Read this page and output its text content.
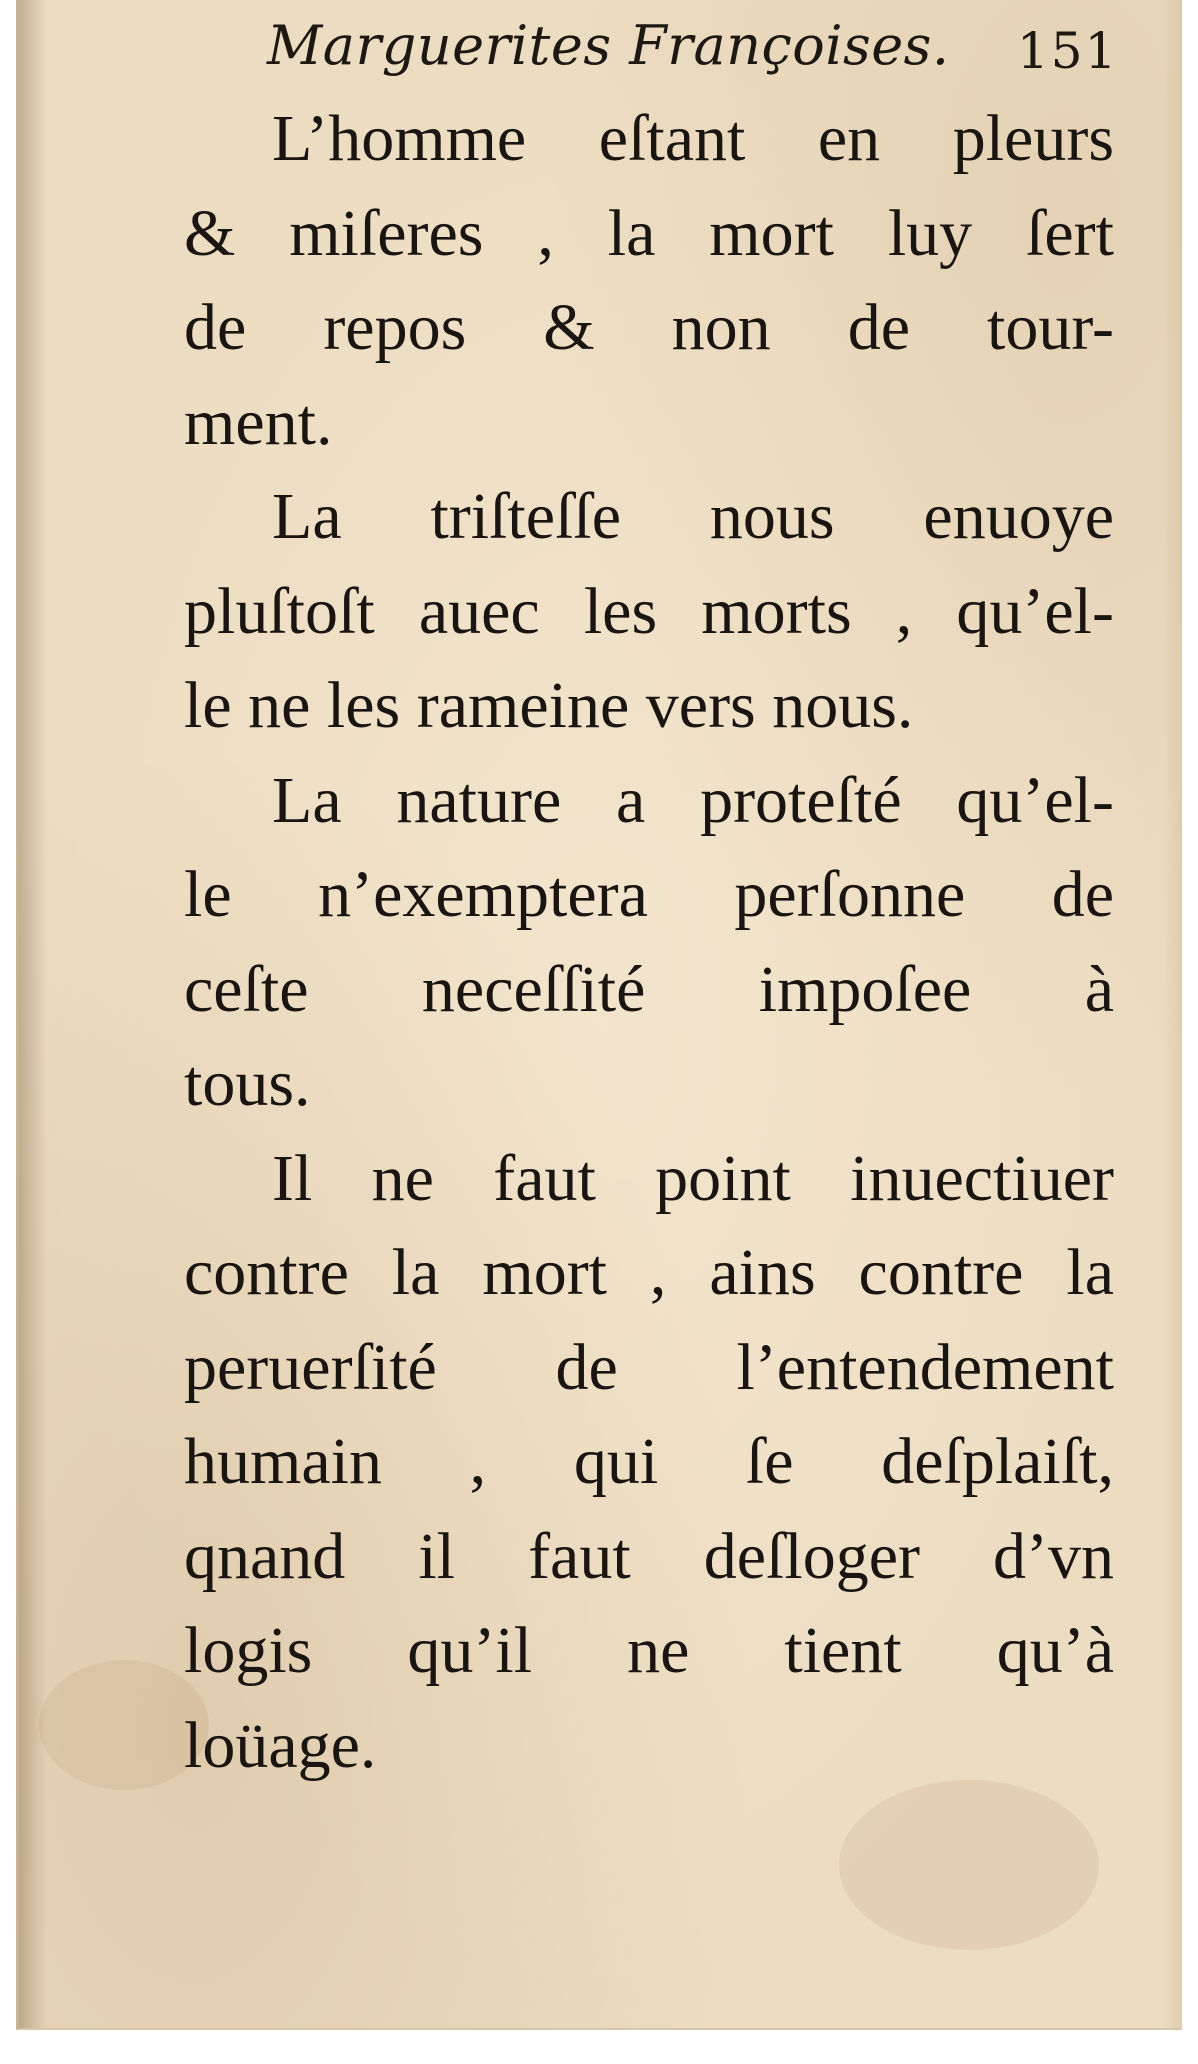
Marguerites Françoises. 151
L’homme eſtant en pleurs
& miſeres , la mort luy ſert
de repos & non de tour-
ment.
La triſteſſe nous enuoye
pluſtoſt auec les morts , qu’el-
le ne les rameine vers nous.
La nature a proteſté qu’el-
le n’exemptera perſonne de
ceſte neceſſité impoſee à
tous.
Il ne faut point inuectiuer
contre la mort , ains contre la
peruerſité de l’entendement
humain , qui ſe deſplaiſt,
qnand il faut deſloger d’vn
logis qu’il ne tient qu’à
loüage.
